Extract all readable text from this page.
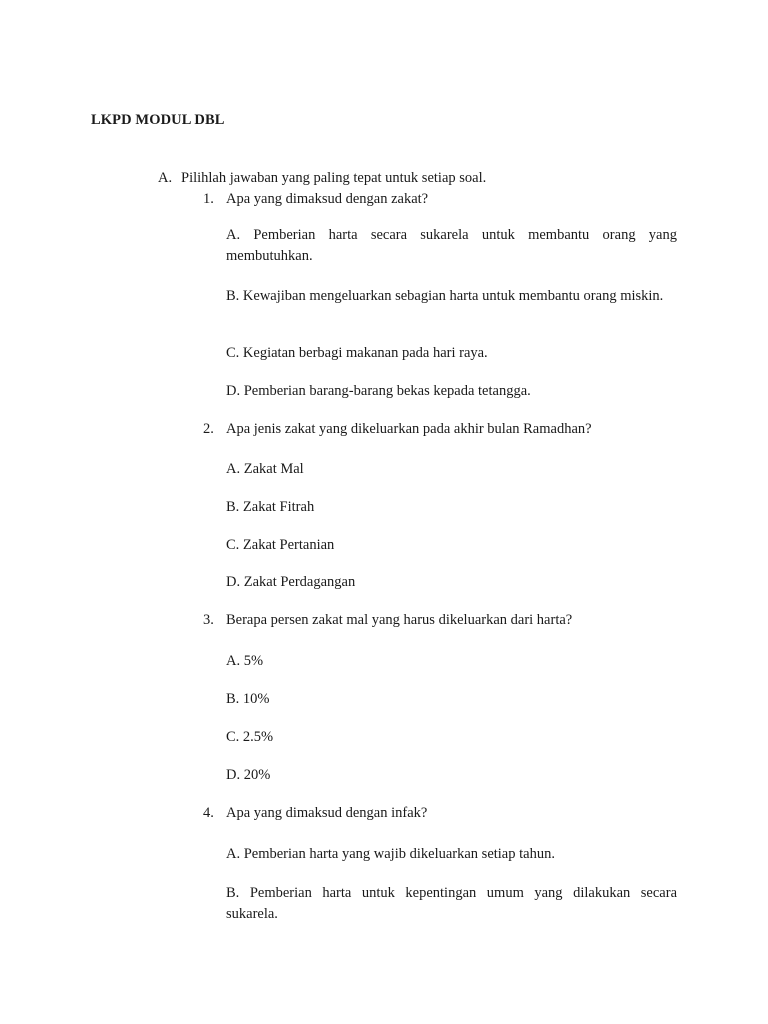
LKPD MODUL DBL
A. Pilihlah jawaban yang paling tepat untuk setiap soal.
1. Apa yang dimaksud dengan zakat?
A. Pemberian harta secara sukarela untuk membantu orang yang membutuhkan.
B. Kewajiban mengeluarkan sebagian harta untuk membantu orang miskin.
C. Kegiatan berbagi makanan pada hari raya.
D. Pemberian barang-barang bekas kepada tetangga.
2. Apa jenis zakat yang dikeluarkan pada akhir bulan Ramadhan?
A. Zakat Mal
B. Zakat Fitrah
C. Zakat Pertanian
D. Zakat Perdagangan
3. Berapa persen zakat mal yang harus dikeluarkan dari harta?
A. 5%
B. 10%
C. 2.5%
D. 20%
4. Apa yang dimaksud dengan infak?
A. Pemberian harta yang wajib dikeluarkan setiap tahun.
B. Pemberian harta untuk kepentingan umum yang dilakukan secara sukarela.
